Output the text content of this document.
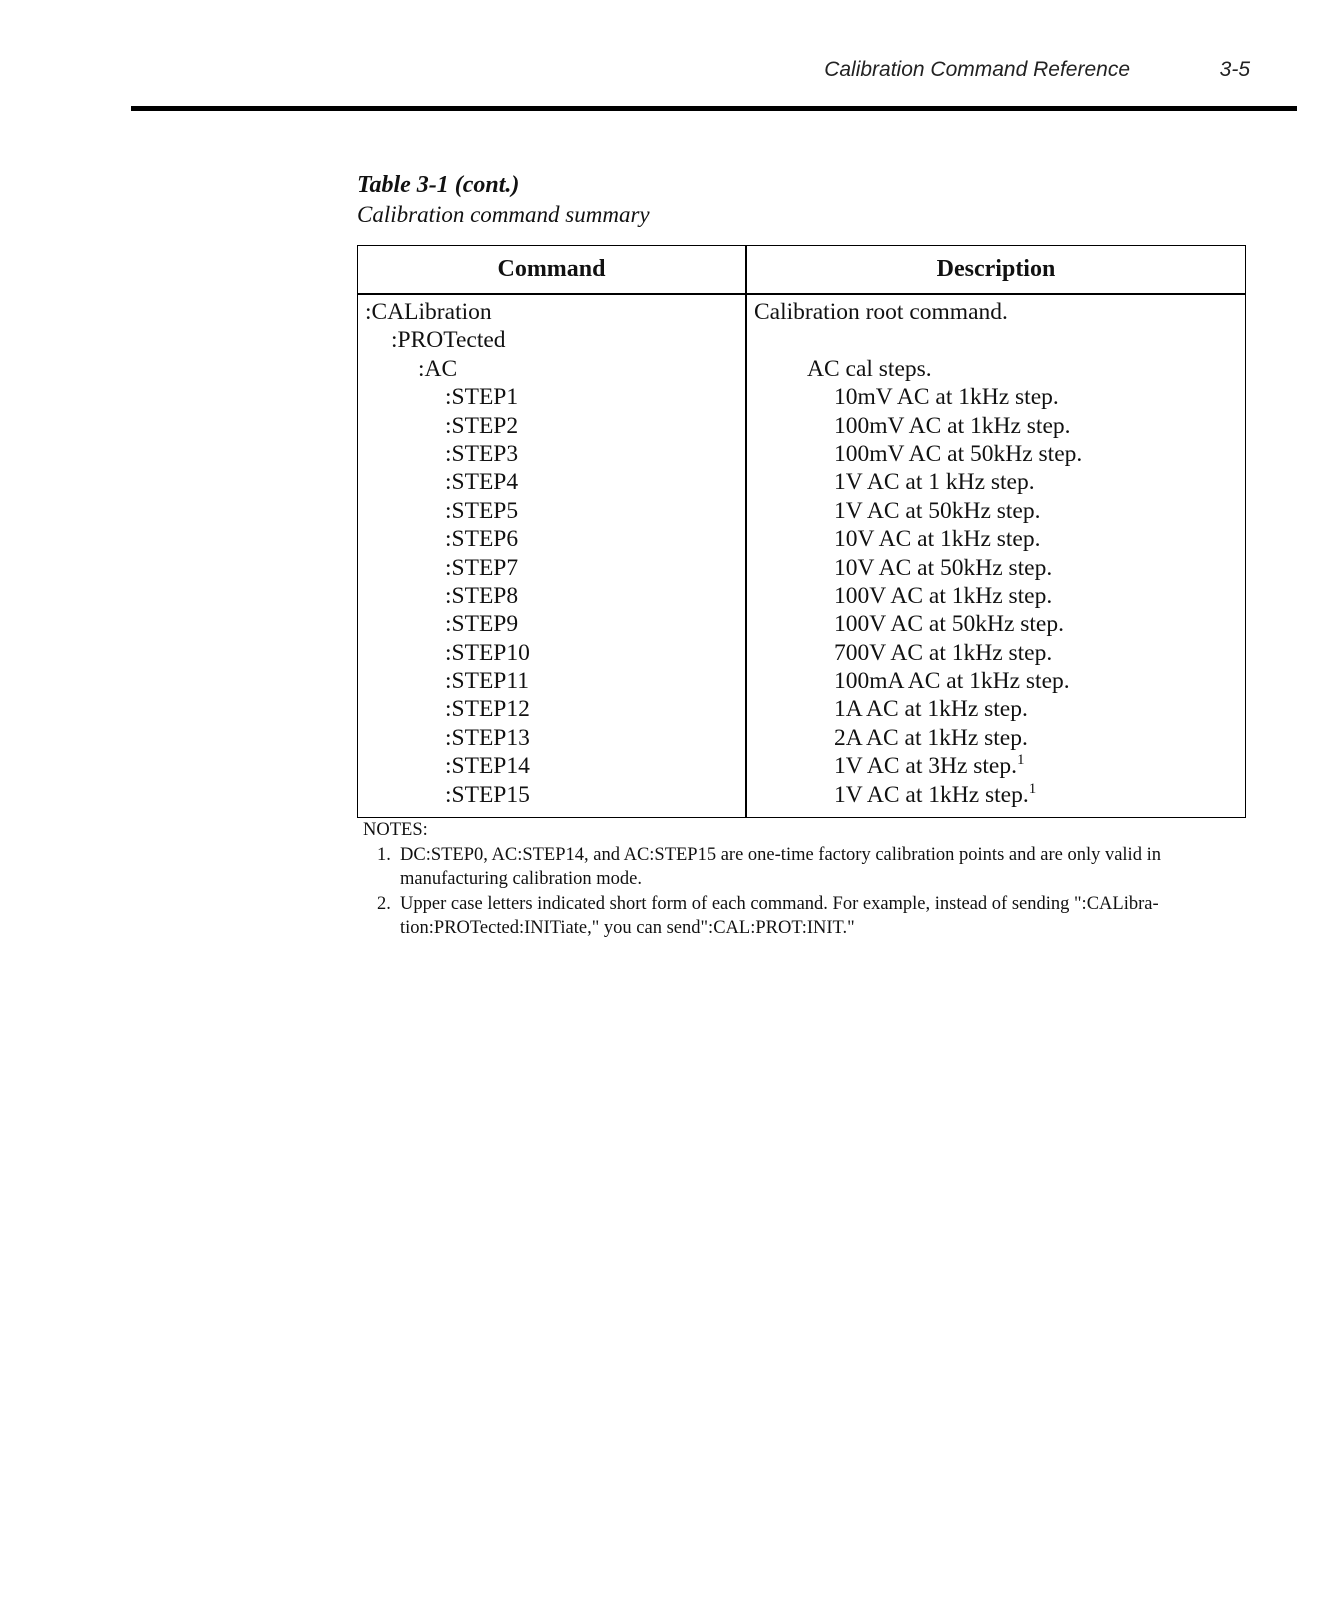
Calibration Command Reference	3-5
Table 3-1 (cont.)
Calibration command summary
Command	Description
:CALibration
:PROTected
:AC
:STEP1
:STEP2
:STEP3
:STEP4
:STEP5
:STEP6
:STEP7
:STEP8
:STEP9
:STEP10
:STEP11
:STEP12
:STEP13
:STEP14
:STEP15
Calibration root command.
AC cal steps.
10mV AC at 1kHz step.
100mV AC at 1kHz step.
100mV AC at 50kHz step.
1V AC at 1 kHz step.
1V AC at 50kHz step.
10V AC at 1kHz step.
10V AC at 50kHz step.
100V AC at 1kHz step.
100V AC at 50kHz step.
700V AC at 1kHz step.
100mA AC at 1kHz step.
1A AC at 1kHz step.
2A AC at 1kHz step.
1V AC at 3Hz step.$^1$
1V AC at 1kHz step.$^1$
NOTES:
1. DC:STEP0, AC:STEP14, and AC:STEP15 are one-time factory calibration points and are only valid in manufacturing calibration mode.
2. Upper case letters indicated short form of each command. For example, instead of sending ":CALibra-tion:PROTected:INITiate," you can send":CAL:PROT:INIT."
